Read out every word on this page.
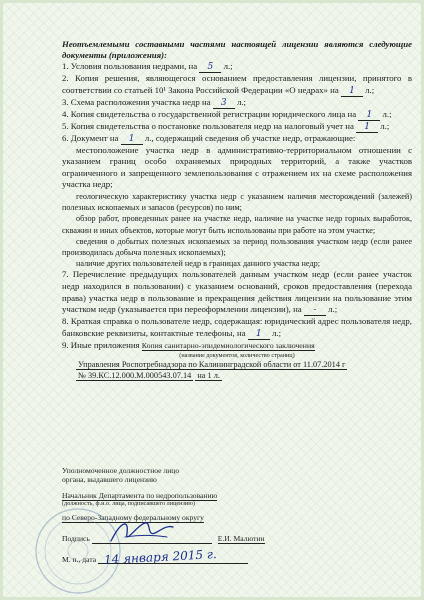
Неотъемлемыми составными частями настоящей лицензии являются следующие документы (приложения):
1. Условия пользования недрами, на 5 л.;
2. Копия решения, являющегося основанием предоставления лицензии, принятого в соответствии со статьей 10¹ Закона Российской Федерации «О недрах» на 1 л.;
3. Схема расположения участка недр на 3 л.;
4. Копия свидетельства о государственной регистрации юридического лица на 1 л.;
5. Копия свидетельства о постановке пользователя недр на налоговый учет на 1 л.;
6. Документ на 1 л., содержащий сведения об участке недр, отражающие:
местоположение участка недр в административно-территориальном отношении с указанием границ особо охраняемых природных территорий, а также участков ограниченного и запрещенного землепользования с отражением их на схеме расположения участка недр;
геологическую характеристику участка недр с указанием наличия месторождений (залежей) полезных ископаемых и запасов (ресурсов) по ним;
обзор работ, проведенных ранее на участке недр, наличие на участке недр горных выработок, скважин и иных объектов, которые могут быть использованы при работе на этом участке;
сведения о добытых полезных ископаемых за период пользования участком недр (если ранее производилась добыча полезных ископаемых);
наличие других пользователей недр в границах данного участка недр;
7. Перечисление предыдущих пользователей данным участком недр (если ранее участок недр находился в пользовании) с указанием оснований, сроков предоставления (перехода права) участка недр в пользование и прекращения действия лицензии на пользование этим участком недр (указывается при переоформлении лицензии), на - л.;
8. Краткая справка о пользователе недр, содержащая: юридический адрес пользователя недр, банковские реквизиты, контактные телефоны, на 1 л.;
9. Иные приложения Копия санитарно-эпидемиологического заключения
(название документов, количество страниц)
Управления Роспотребнадзора по Калининградской области от 11.07.2014 г
№ 39.КС.12.000.М.000543.07.14 на 1 л.
Уполномоченное должностное лицо
органа, выдавшего лицензию
Начальник Департамента по недропользованию
(должность, ф.и.о. лица, подписавшего лицензию)
по Северо-Западному федеральному округу
Подпись	Е.И. Малютин
М. п., дата 14 января 2015 г.
